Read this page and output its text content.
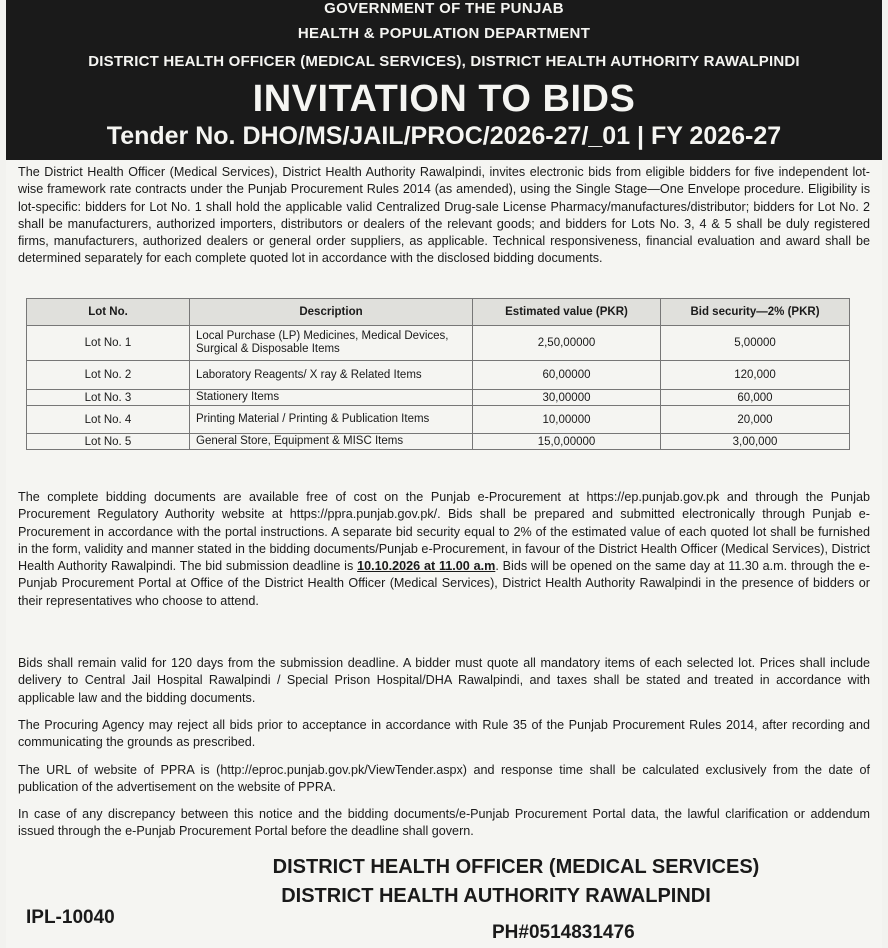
GOVERNMENT OF THE PUNJAB
HEALTH & POPULATION DEPARTMENT
DISTRICT HEALTH OFFICER (MEDICAL SERVICES), DISTRICT HEALTH AUTHORITY RAWALPINDI
INVITATION TO BIDS
Tender No. DHO/MS/JAIL/PROC/2026-27/_01 | FY 2026-27
The District Health Officer (Medical Services), District Health Authority Rawalpindi, invites electronic bids from eligible bidders for five independent lot-wise framework rate contracts under the Punjab Procurement Rules 2014 (as amended), using the Single Stage—One Envelope procedure. Eligibility is lot-specific: bidders for Lot No. 1 shall hold the applicable valid Centralized Drug-sale License Pharmacy/manufactures/distributor; bidders for Lot No. 2 shall be manufacturers, authorized importers, distributors or dealers of the relevant goods; and bidders for Lots No. 3, 4 & 5 shall be duly registered firms, manufacturers, authorized dealers or general order suppliers, as applicable. Technical responsiveness, financial evaluation and award shall be determined separately for each complete quoted lot in accordance with the disclosed bidding documents.
Lot No.	Description	Estimated value (PKR)	Bid security—2% (PKR)
Lot No. 1	Local Purchase (LP) Medicines, Medical Devices, Surgical & Disposable Items	2,50,00000	5,00000
Lot No. 2	Laboratory Reagents/ X ray & Related Items	60,00000	120,000
Lot No. 3	Stationery Items	30,00000	60,000
Lot No. 4	Printing Material / Printing & Publication Items	10,00000	20,000
Lot No. 5	General Store, Equipment & MISC Items	15,0,00000	3,00,000
The complete bidding documents are available free of cost on the Punjab e-Procurement at https://ep.punjab.gov.pk and through the Punjab Procurement Regulatory Authority website at https://ppra.punjab.gov.pk/. Bids shall be prepared and submitted electronically through Punjab e-Procurement in accordance with the portal instructions. A separate bid security equal to 2% of the estimated value of each quoted lot shall be furnished in the form, validity and manner stated in the bidding documents/Punjab e-Procurement, in favour of the District Health Officer (Medical Services), District Health Authority Rawalpindi. The bid submission deadline is 10.10.2026 at 11.00 a.m. Bids will be opened on the same day at 11.30 a.m. through the e-Punjab Procurement Portal at Office of the District Health Officer (Medical Services), District Health Authority Rawalpindi in the presence of bidders or their representatives who choose to attend.
Bids shall remain valid for 120 days from the submission deadline. A bidder must quote all mandatory items of each selected lot. Prices shall include delivery to Central Jail Hospital Rawalpindi / Special Prison Hospital/DHA Rawalpindi, and taxes shall be stated and treated in accordance with applicable law and the bidding documents.
The Procuring Agency may reject all bids prior to acceptance in accordance with Rule 35 of the Punjab Procurement Rules 2014, after recording and communicating the grounds as prescribed.
The URL of website of PPRA is (http://eproc.punjab.gov.pk/ViewTender.aspx) and response time shall be calculated exclusively from the date of publication of the advertisement on the website of PPRA.
In case of any discrepancy between this notice and the bidding documents/e-Punjab Procurement Portal data, the lawful clarification or addendum issued through the e-Punjab Procurement Portal before the deadline shall govern.
DISTRICT HEALTH OFFICER (MEDICAL SERVICES)
DISTRICT HEALTH AUTHORITY RAWALPINDI
IPL-10040
PH#0514831476
